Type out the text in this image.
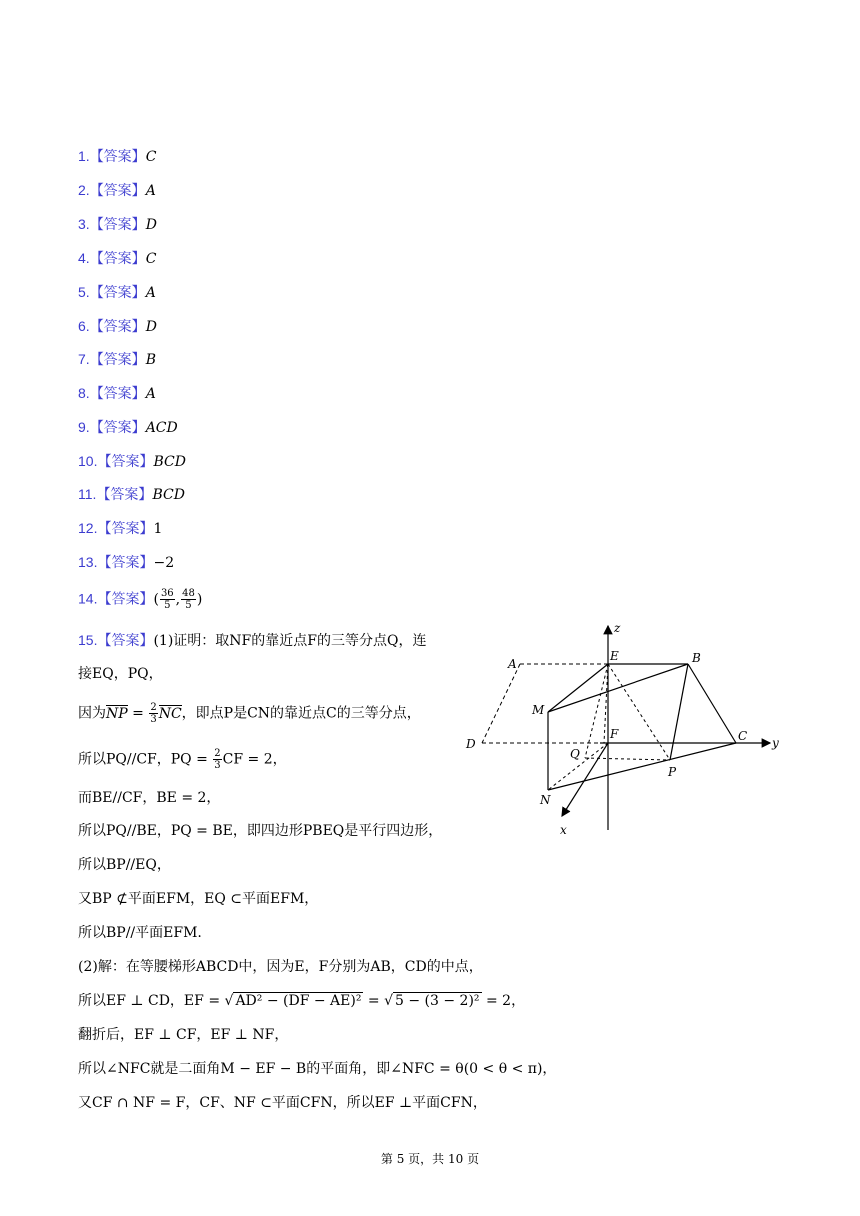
1.【答案】C
2.【答案】A
3.【答案】D
4.【答案】C
5.【答案】A
6.【答案】D
7.【答案】B
8.【答案】A
9.【答案】ACD
10.【答案】BCD
11.【答案】BCD
12.【答案】1
13.【答案】−2
14.【答案】( $\frac{36}{5}$ , $\frac{48}{5}$ )
15.【答案】(1)证明：取NF的靠近点F的三等分点Q，连
接EQ，PQ，
因为NP = $\frac{2}{3}$ NC，即点P是CN的靠近点C的三等分点，
所以PQ//CF，PQ = $\frac{2}{3}$ CF = 2，
而BE//CF，BE = 2，
所以PQ//BE，PQ = BE，即四边形PBEQ是平行四边形，
所以BP//EQ，
又BP ⊄平面EFM，EQ ⊂平面EFM，
所以BP//平面EFM.
(2)解：在等腰梯形ABCD中，因为E，F分别为AB，CD的中点，
所以EF ⊥ CD，EF = √ AD² − (DF − AE)² = √ 5 − (3 − 2)² = 2，
翻折后，EF ⊥ CF，EF ⊥ NF，
所以∠NFC就是二面角M − EF − B的平面角，即∠NFC = θ(0 < θ < π)，
又CF ∩ NF = F，CF、NF ⊂平面CFN，所以EF ⊥平面CFN，
z
y
x
A
E	B
M
F
D
C
Q
P
N
第 5 页，共 10 页
